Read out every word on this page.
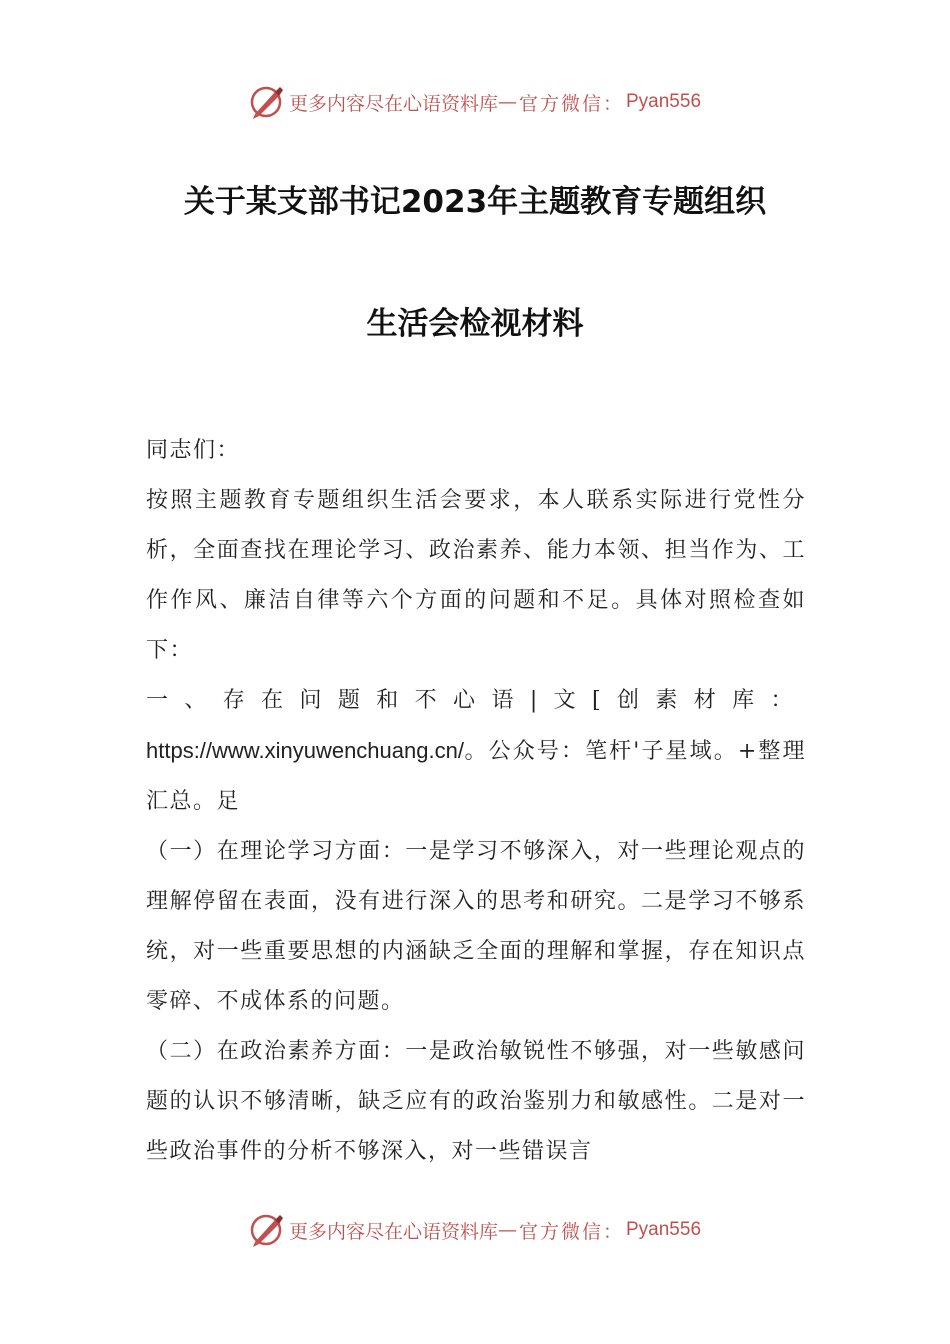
更多内容尽在心语资料库 — 官方微信： Pyan556
关于某支部书记2023年主题教育专题组织
生活会检视材料

同志们：

按照主题教育专题组织生活会要求，本人联系实际进行党性分析，全面查找在理论学习、政治素养、能力本领、担当作为、工作作风、廉洁自律等六个方面的问题和不足。具体对照检查如下：

一、存在问题和不心语|文[创素材库：https://www.xinyuwenchuang.cn/。公众号：笔杆'子星域。+整理汇总。足

（一）在理论学习方面：一是学习不够深入，对一些理论观点的理解停留在表面，没有进行深入的思考和研究。二是学习不够系统，对一些重要思想的内涵缺乏全面的理解和掌握，存在知识点零碎、不成体系的问题。

（二）在政治素养方面：一是政治敏锐性不够强，对一些敏感问题的认识不够清晰，缺乏应有的政治鉴别力和敏感性。二是对一些政治事件的分析不够深入，对一些错误言

更多内容尽在心语资料库 — 官方微信： Pyan556
